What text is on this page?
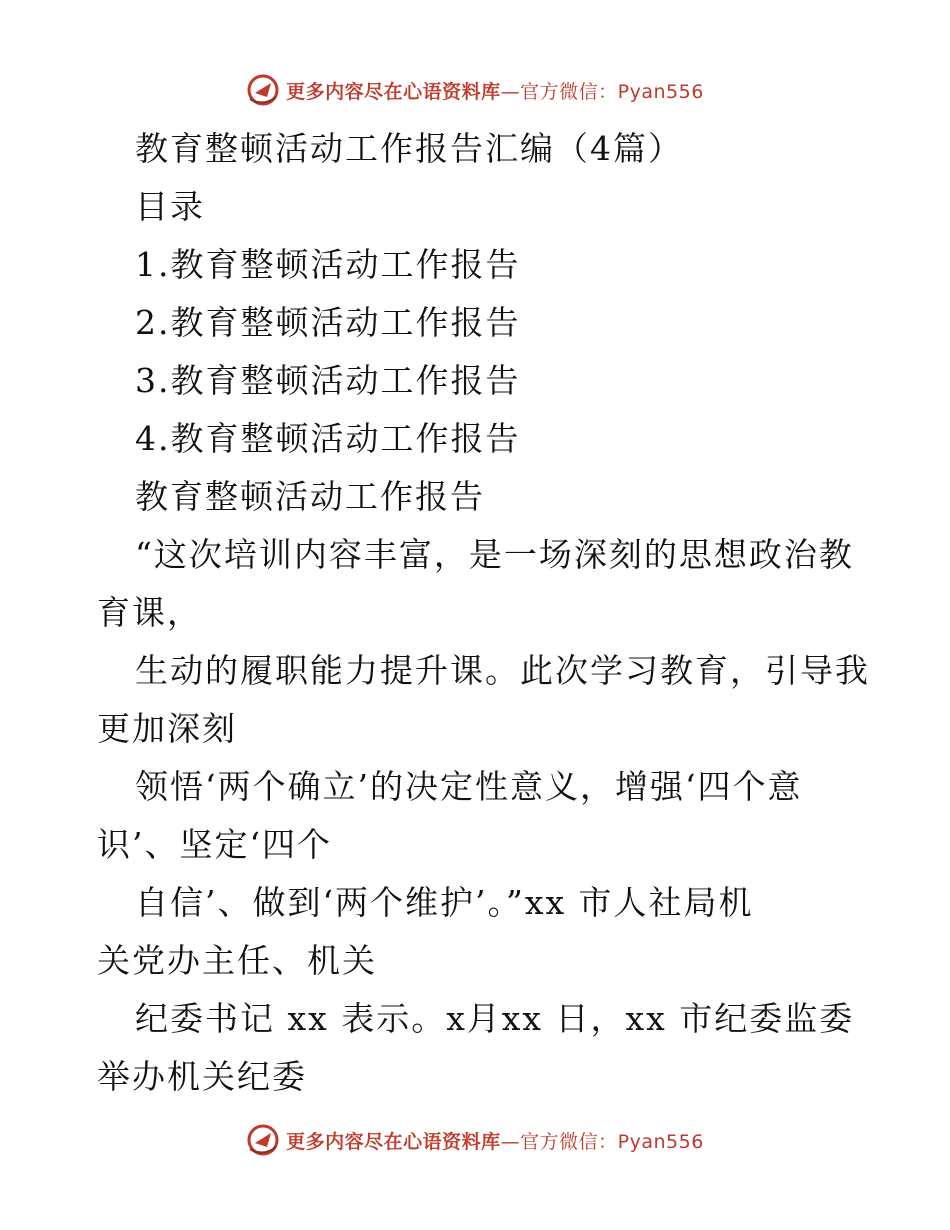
更多内容尽在心语资料库—官方微信：Pyan556
教育整顿活动工作报告汇编（4篇）
目录
1.教育整顿活动工作报告
2.教育整顿活动工作报告
3.教育整顿活动工作报告
4.教育整顿活动工作报告
教育整顿活动工作报告
“这次培训内容丰富，是一场深刻的思想政治教
育课，
生动的履职能力提升课。此次学习教育，引导我
更加深刻
领悟‘两个确立’的决定性意义，增强‘四个意
识’、坚定‘四个
自信’、做到‘两个维护’。”xx 市人社局机
关党办主任、机关
纪委书记 xx 表示。x月xx 日，xx 市纪委监委
举办机关纪委
更多内容尽在心语资料库—官方微信：Pyan556
